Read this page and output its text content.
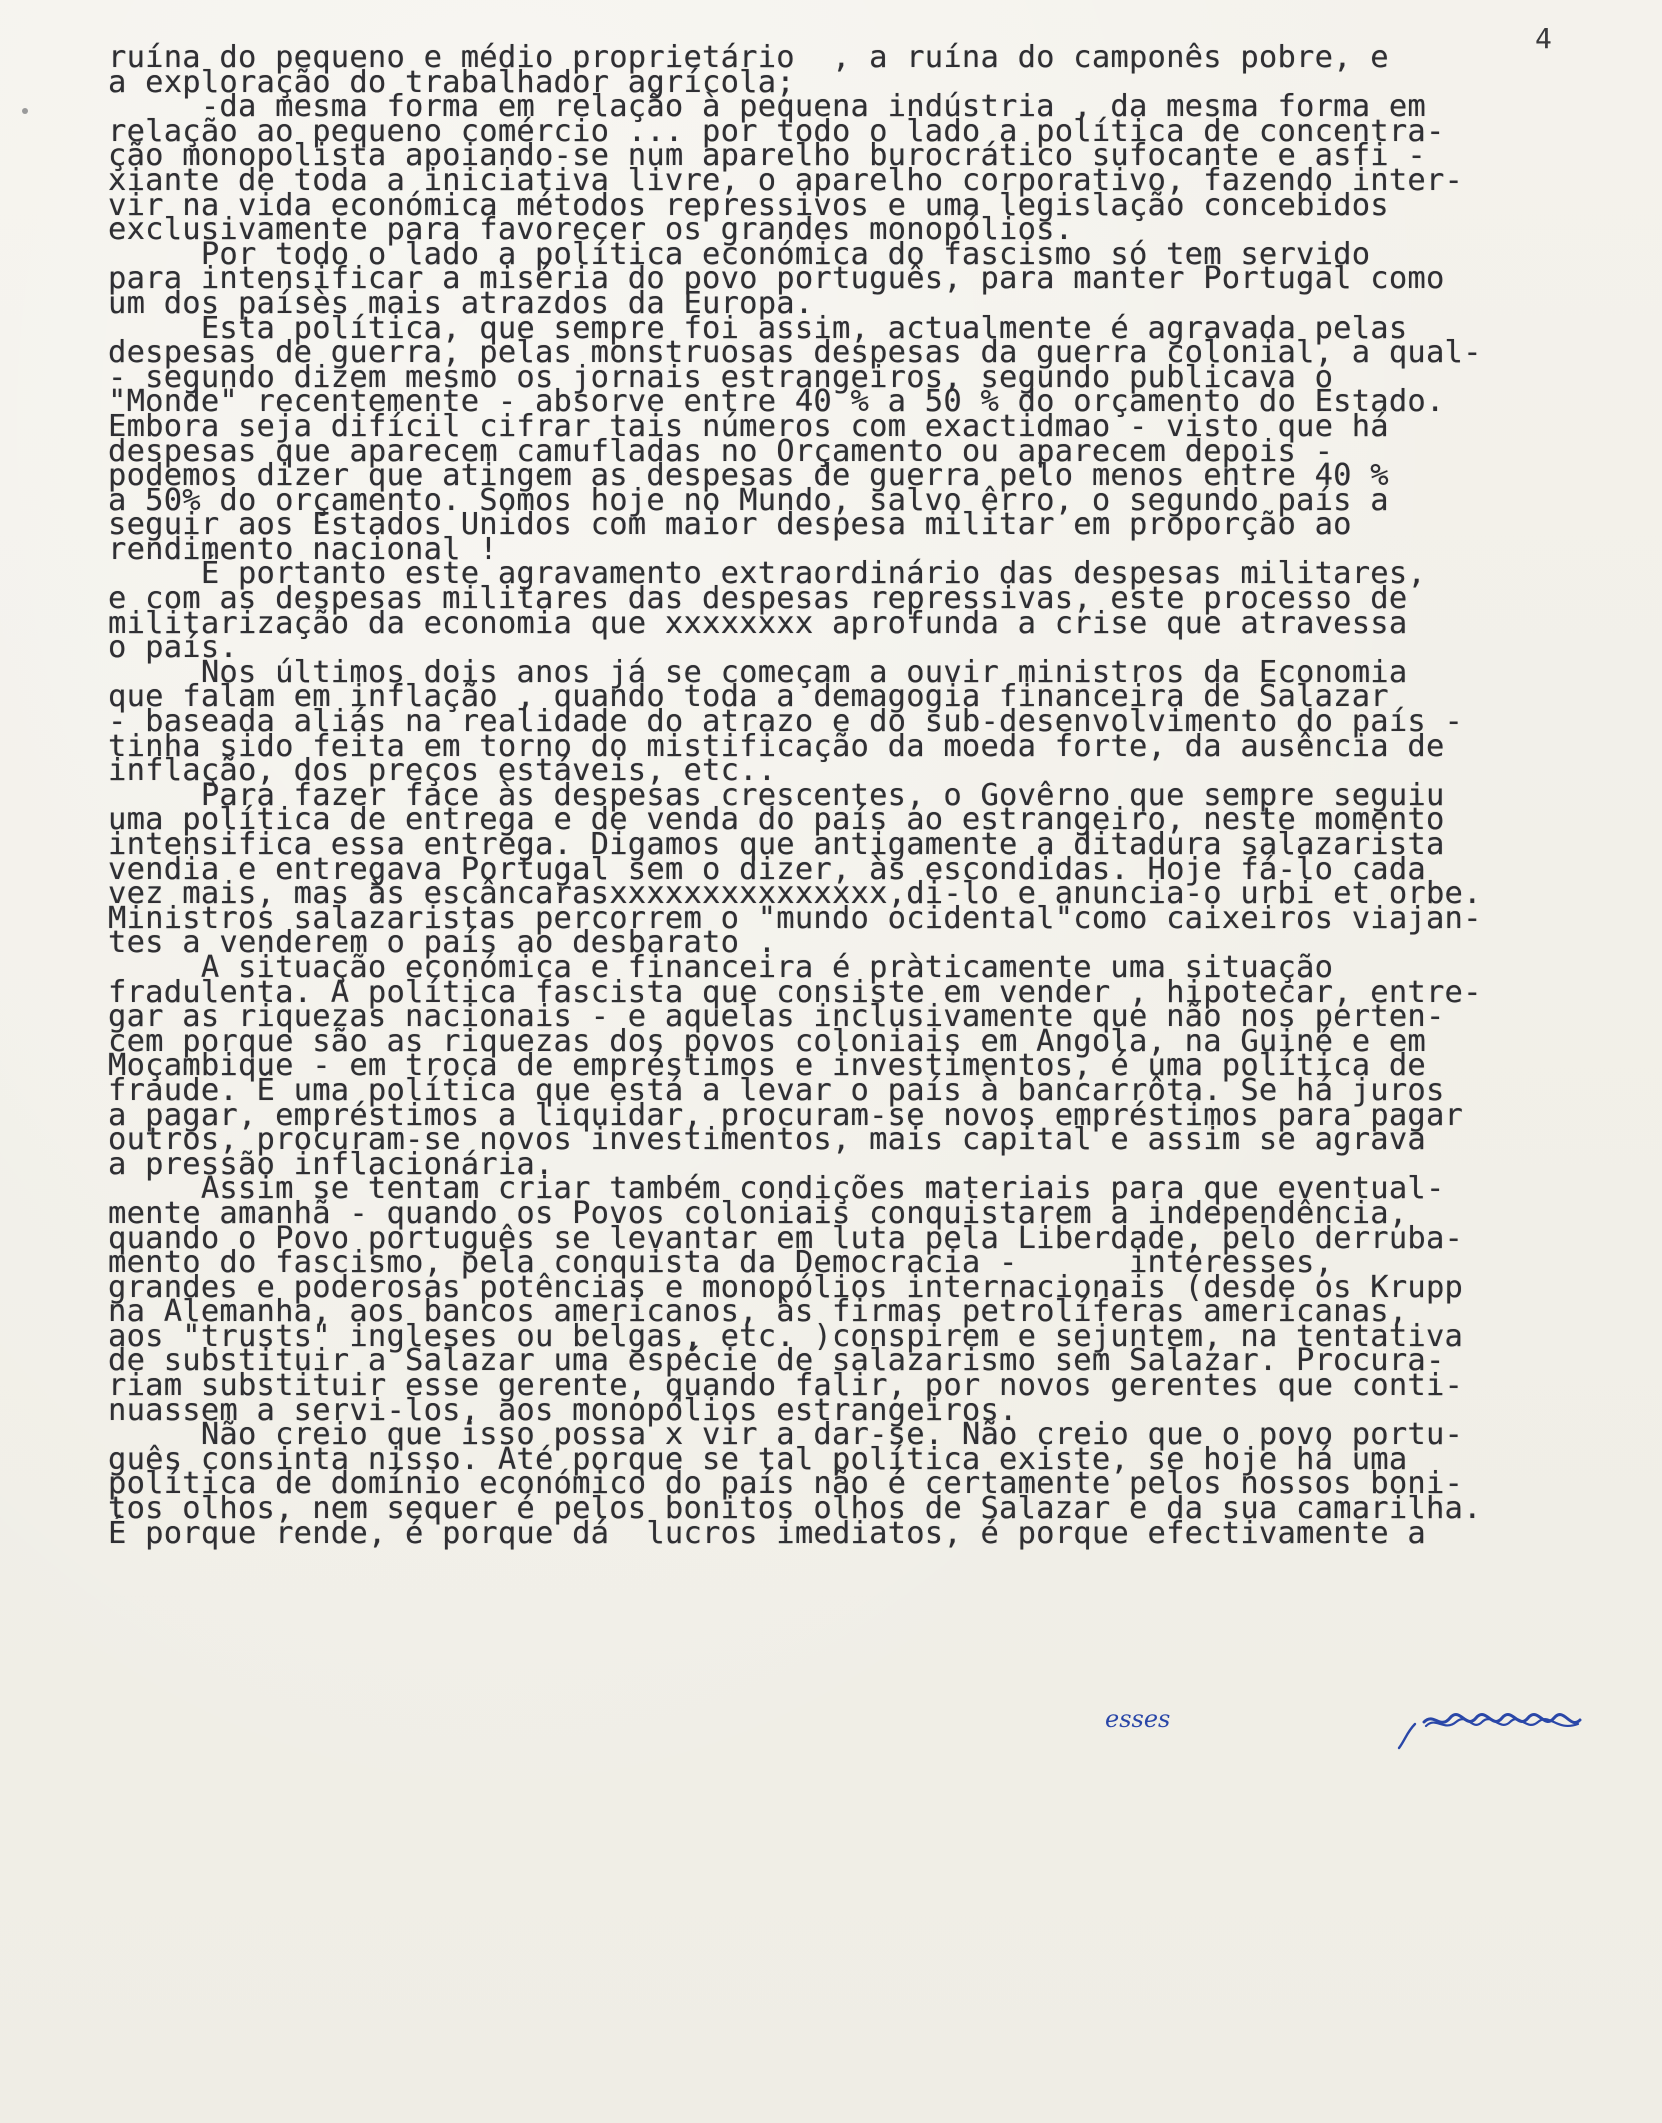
4
ruína do pequeno e médio proprietário  , a ruína do camponês pobre, e
a exploração do trabalhador agrícola;
-da mesma forma em relação à pequena indústria , da mesma forma em
relação ao pequeno comércio ... por todo o lado a política de concentra-
ção monopolista apoiando-se num aparelho burocrático sufocante e asfi -
xiante de toda a iniciativa livre, o aparelho corporativo, fazendo inter-
vir na vida económica métodos repressivos e uma legislação concebidos
exclusivamente para favorecer os grandes monopólios.
Por todo o lado a política económica do fascismo só tem servido
para intensificar a miséria do povo português, para manter Portugal como
um dos paísès mais atrazdos da Europa.
Esta política, que sempre foi assim, actualmente é agravada pelas
despesas de guerra, pelas monstruosas despesas da guerra colonial, a qual-
- segundo dizem mesmo os jornais estrangeiros, segundo publicava o
"Monde" recentemente - absorve entre 40 % a 50 % do orçamento do Estado.
Embora seja difícil cifrar tais números com exactidmao - visto que há
despesas que aparecem camufladas no Orçamento ou aparecem depois -
podemos dizer que atingem as despesas de guerra pelo menos entre 40 %
a 50% do orçamento. Somos hoje no Mundo, salvo êrro, o segundo país a
seguir aos Estados Unidos com maior despesa militar em proporção ao
rendimento nacional !
É portanto este agravamento extraordinário das despesas militares,
e com as despesas militares das despesas repressivas, este processo de
militarização da economia que xxxxxxxx aprofunda a crise que atravessa
o país.
Nos últimos dois anos já se começam a ouvir ministros da Economia
que falam em inflação , quando toda a demagogia financeira de Salazar
- baseada aliás na realidade do atrazo e do sub-desenvolvimento do país -
tinha sido feita em torno do mistificação da moeda forte, da ausência de
inflação, dos preços estáveis, etc..
Para fazer face às despesas crescentes, o Govêrno que sempre seguiu
uma política de entrega e de venda do país ao estrangeiro, neste momento
intensifica essa entrega. Digamos que antigamente a ditadura salazarista
vendia e entregava Portugal sem o dizer, às escondidas. Hoje fá-lo cada
vez mais, mas às escâncarasxxxxxxxxxxxxxxx,di-lo e anuncia-o urbi et orbe.
Ministros salazaristas percorrem o "mundo ocidental"como caixeiros viajan-
tes a venderem o país ao desbarato .
A situação económica e financeira é pràticamente uma situação
fradulenta. A política fascista que consiste em vender , hipotecar, entre-
gar as riquezas nacionais - e aquelas inclusivamente que não nos perten-
cem porque são as riquezas dos povos coloniais em Angola, na Guiné e em
Moçambique - em troca de empréstimos e investimentos, é uma política de
fraude. É uma política que está a levar o país à bancarrôta. Se há juros
a pagar, empréstimos a liquidar, procuram-se novos empréstimos para pagar
outros, procuram-se novos investimentos, mais capital e assim se agrava
a pressão inflacionária.
Assim se tentam criar também condições materiais para que eventual-
mente amanhã - quando os Povos coloniais conquistarem a independência,
quando o Povo português se levantar em luta pela Liberdade, pelo derruba-
mento do fascismo, pela conquista da Democracia -      interesses,
grandes e poderosas potências e monopólios internacionais (desde os Krupp
na Alemanha, aos bancos americanos, às firmas petrolíferas americanas,
aos "trusts" ingleses ou belgas, etc. )conspirem e sejuntem, na tentativa
de substituir a Salazar uma espécie de salazarismo sem Salazar. Procura-
riam substituir esse gerente, quando falir, por novos gerentes que conti-
nuassem a servi-los, aos monopólios estrangeiros.
Não creio que isso possa x vir a dar-se. Não creio que o povo portu-
guês consinta nisso. Até porque se tal política existe, se hoje há uma
política de domínio económico do país não é certamente pelos nossos boni-
tos olhos, nem sequer é pelos bonitos olhos de Salazar e da sua camarilha.
É porque rende, é porque dá  lucros imediatos, é porque efectivamente a
esses
